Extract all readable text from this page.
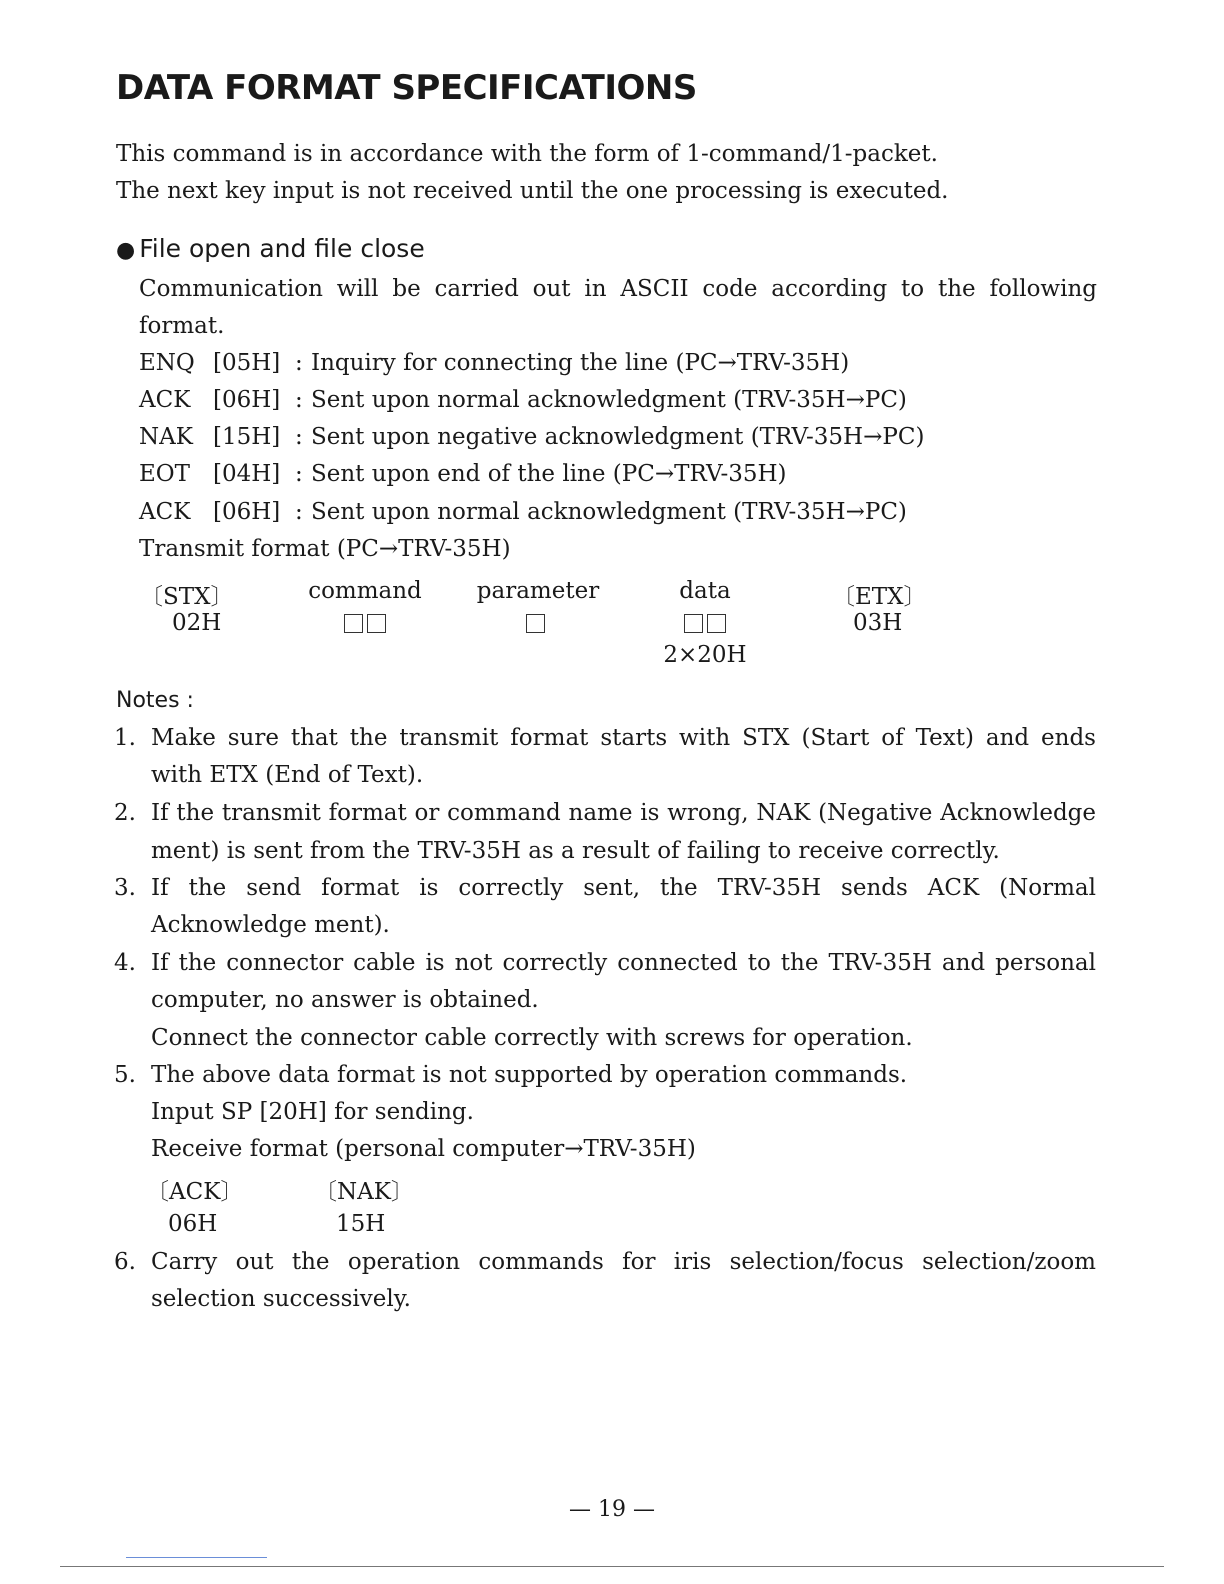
DATA FORMAT SPECIFICATIONS
This command is in accordance with the form of 1-command/1-packet.
The next key input is not received until the one processing is executed.
● File open and file close
Communication will be carried out in ASCII code according to the following
format.
ENQ [05H] : Inquiry for connecting the line (PC→TRV-35H)
ACK [06H] : Sent upon normal acknowledgment (TRV-35H→PC)
NAK [15H] : Sent upon negative acknowledgment (TRV-35H→PC)
EOT [04H] : Sent upon end of the line (PC→TRV-35H)
ACK [06H] : Sent upon normal acknowledgment (TRV-35H→PC)
Transmit format (PC→TRV-35H)
〔STX〕
02H
command	parameter	data
2×20H
〔ETX〕
03H
Notes :
1. Make sure that the transmit format starts with STX (Start of Text) and ends
with ETX (End of Text).
2. If the transmit format or command name is wrong, NAK (Negative Acknowledge
ment) is sent from the TRV-35H as a result of failing to receive correctly.
3. If the send format is correctly sent, the TRV-35H sends ACK (Normal
Acknowledge ment).
4. If the connector cable is not correctly connected to the TRV-35H and personal
computer, no answer is obtained.
Connect the connector cable correctly with screws for operation.
5. The above data format is not supported by operation commands.
Input SP [20H] for sending.
Receive format (personal computer→TRV-35H)
〔ACK〕
06H
〔NAK〕
15H
6. Carry out the operation commands for iris selection/focus selection/zoom
selection successively.
— 19 —
